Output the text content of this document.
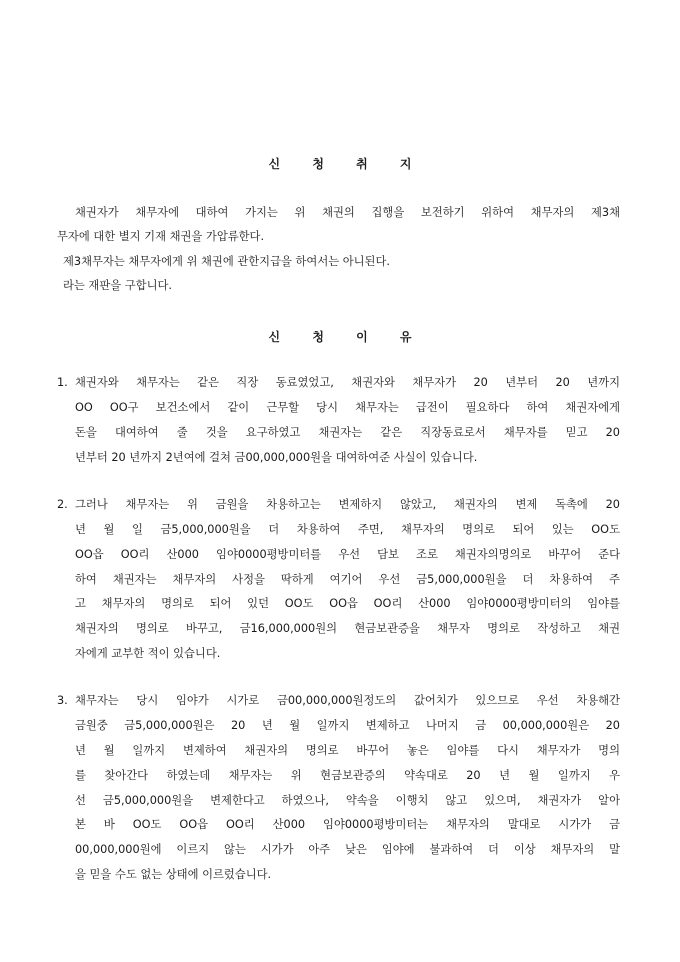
신 청 취 지
채권자가 채무자에 대하여 가지는 위 채권의 집행을 보전하기 위하여 채무자의 제3채
무자에 대한 별지 기재 채권을 가압류한다.
제3채무자는 채무자에게 위 채권에 관한지급을 하여서는 아니된다.
라는 재판을 구합니다.
신 청 이 유
1. 채권자와 채무자는 같은 직장 동료였었고, 채권자와 채무자가 20 년부터 20 년까지
OO OO구 보건소에서 같이 근무할 당시 채무자는 급전이 필요하다 하여 채권자에게
돈을 대여하여 줄 것을 요구하였고 채권자는 같은 직장동료로서 채무자를 믿고 20
년부터 20 년까지 2년여에 걸쳐 금00,000,000원을 대여하여준 사실이 있습니다.
2. 그러나 채무자는 위 금원을 차용하고는 변제하지 않았고, 채권자의 변제 독촉에 20
년 월 일 금5,000,000원을 더 차용하여 주면, 채무자의 명의로 되어 있는 OO도
OO읍 OO리 산000 임야0000평방미터를 우선 담보 조로 채권자의명의로 바꾸어 준다
하여 채권자는 채무자의 사정을 딱하게 여기어 우선 금5,000,000원을 더 차용하여 주
고 채무자의 명의로 되어 있던 OO도 OO읍 OO리 산000 임야0000평방미터의 임야를
채권자의 명의로 바꾸고, 금16,000,000원의 현금보관증을 채무자 명의로 작성하고 채권
자에게 교부한 적이 있습니다.
3. 채무자는 당시 임야가 시가로 금00,000,000원정도의 값어치가 있으므로 우선 차용해간
금원중 금5,000,000원은 20 년 월 일까지 변제하고 나머지 금 00,000,000원은 20
년 월 일까지 변제하여 채권자의 명의로 바꾸어 놓은 임야를 다시 채무자가 명의
를 찾아간다 하였는데 채무자는 위 현금보관증의 약속대로 20 년 월 일까지 우
선 금5,000,000원을 변제한다고 하였으나, 약속을 이행치 않고 있으며, 채권자가 알아
본 바 OO도 OO읍 OO리 산000 임야0000평방미터는 채무자의 말대로 시가가 금
00,000,000원에 이르지 않는 시가가 아주 낮은 임야에 불과하여 더 이상 채무자의 말
을 믿을 수도 없는 상태에 이르렀습니다.
